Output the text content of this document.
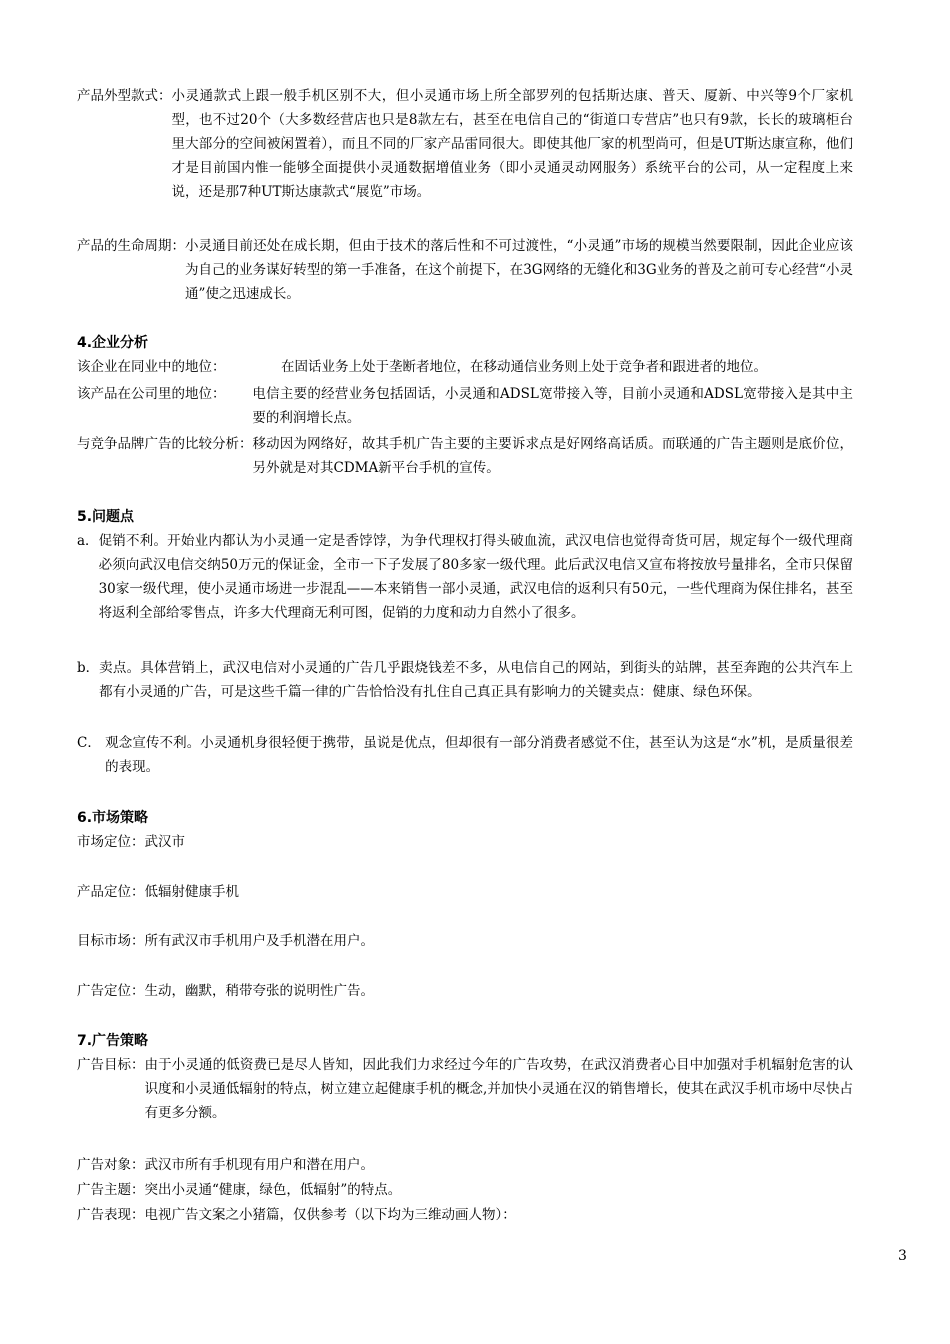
产品外型款式： 小灵通款式上跟一般手机区别不大，但小灵通市场上所全部罗列的包括斯达康、普天、厦新、中兴等9个厂家机型，也不过20个（大多数经营店也只是8款左右，甚至在电信自己的“街道口专营店”也只有9款，长长的玻璃柜台里大部分的空间被闲置着），而且不同的厂家产品雷同很大。即使其他厂家的机型尚可，但是UT斯达康宣称，他们才是目前国内惟一能够全面提供小灵通数据增值业务（即小灵通灵动网服务）系统平台的公司，从一定程度上来说，还是那7种UT斯达康款式“展览”市场。
产品的生命周期： 小灵通目前还处在成长期，但由于技术的落后性和不可过渡性，“小灵通”市场的规模当然要限制，因此企业应该为自己的业务谋好转型的第一手准备，在这个前提下，在3G网络的无缝化和3G业务的普及之前可专心经营“小灵通”使之迅速成长。
4.企业分析
该企业在同业中的地位：	在固话业务上处于垄断者地位，在移动通信业务则上处于竞争者和跟进者的地位。
该产品在公司里的地位：	电信主要的经营业务包括固话，小灵通和ADSL宽带接入等，目前小灵通和ADSL宽带接入是其中主要的利润增长点。
与竞争品牌广告的比较分析： 移动因为网络好，故其手机广告主要的主要诉求点是好网络高话质。而联通的广告主题则是底价位，另外就是对其CDMA新平台手机的宣传。
5.问题点
a． 促销不利。开始业内都认为小灵通一定是香饽饽，为争代理权打得头破血流，武汉电信也觉得奇货可居，规定每个一级代理商必须向武汉电信交纳50万元的保证金，全市一下子发展了80多家一级代理。此后武汉电信又宣布将按放号量排名，全市只保留30家一级代理，使小灵通市场进一步混乱——本来销售一部小灵通，武汉电信的返利只有50元，一些代理商为保住排名，甚至将返利全部给零售点，许多大代理商无利可图，促销的力度和动力自然小了很多。
b． 卖点。具体营销上，武汉电信对小灵通的广告几乎跟烧钱差不多，从电信自己的网站，到街头的站牌，甚至奔跑的公共汽车上都有小灵通的广告，可是这些千篇一律的广告恰恰没有扎住自己真正具有影响力的关键卖点：健康、绿色环保。
C． 观念宣传不利。小灵通机身很轻便于携带，虽说是优点，但却很有一部分消费者感觉不住，甚至认为这是“水”机，是质量很差的表现。
6.市场策略
市场定位：武汉市
产品定位：低辐射健康手机
目标市场：所有武汉市手机用户及手机潜在用户。
广告定位：生动，幽默，稍带夸张的说明性广告。
7.广告策略
广告目标： 由于小灵通的低资费已是尽人皆知，因此我们力求经过今年的广告攻势，在武汉消费者心目中加强对手机辐射危害的认识度和小灵通低辐射的特点，树立建立起健康手机的概念,并加快小灵通在汉的销售增长，使其在武汉手机市场中尽快占有更多分额。
广告对象：武汉市所有手机现有用户和潜在用户。
广告主题：突出小灵通“健康，绿色，低辐射”的特点。
广告表现：电视广告文案之小猪篇，仅供参考（以下均为三维动画人物）：
3
